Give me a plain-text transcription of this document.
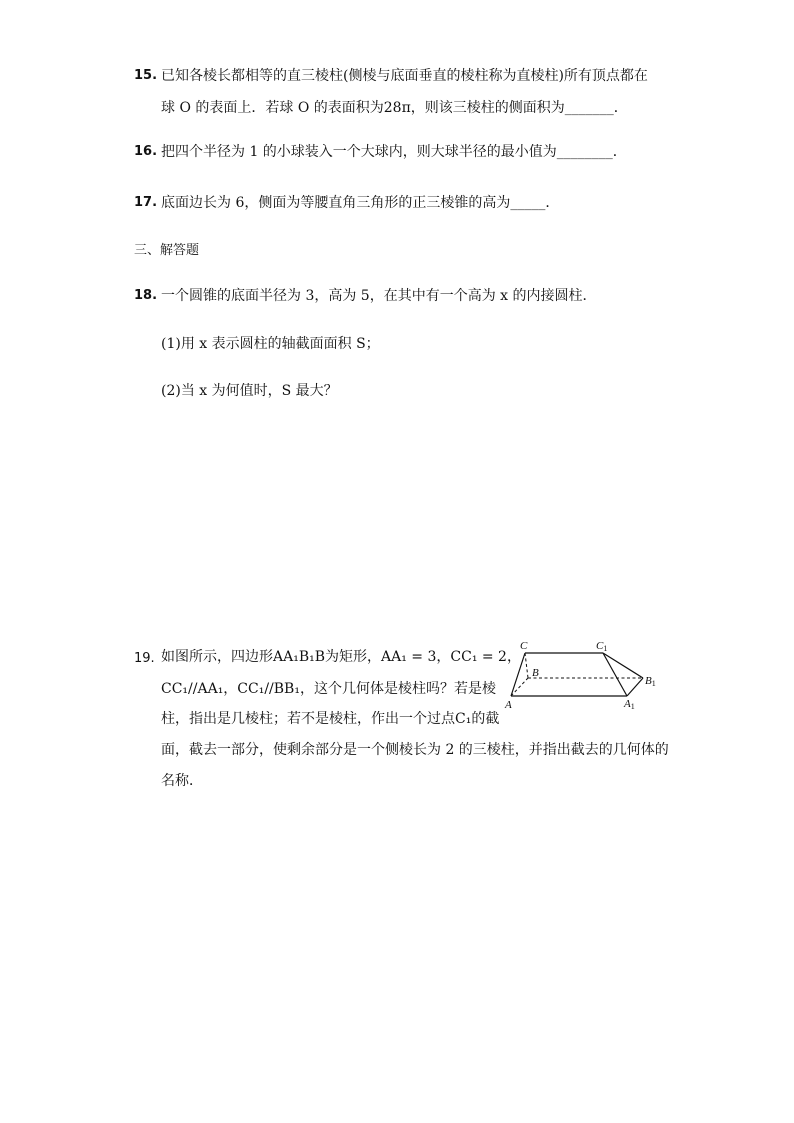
15. 已知各棱长都相等的直三棱柱(侧棱与底面垂直的棱柱称为直棱柱)所有顶点都在
球 O 的表面上．若球 O 的表面积为28π，则该三棱柱的侧面积为_______．
16. 把四个半径为 1 的小球装入一个大球内，则大球半径的最小值为________．
17. 底面边长为 6，侧面为等腰直角三角形的正三棱锥的高为_____．
三、解答题
18. 一个圆锥的底面半径为 3，高为 5，在其中有一个高为 x 的内接圆柱．
(1)用 x 表示圆柱的轴截面面积 S；
(2)当 x 为何值时，S 最大？
19. 如图所示，四边形AA₁B₁B为矩形，AA₁ = 3，CC₁ = 2，
CC₁//AA₁，CC₁//BB₁，这个几何体是棱柱吗？若是棱
柱，指出是几棱柱；若不是棱柱，作出一个过点C₁的截
面，截去一部分，使剩余部分是一个侧棱长为 2 的三棱柱，并指出截去的几何体的
名称．
C	C1
B
B1
A	A1
